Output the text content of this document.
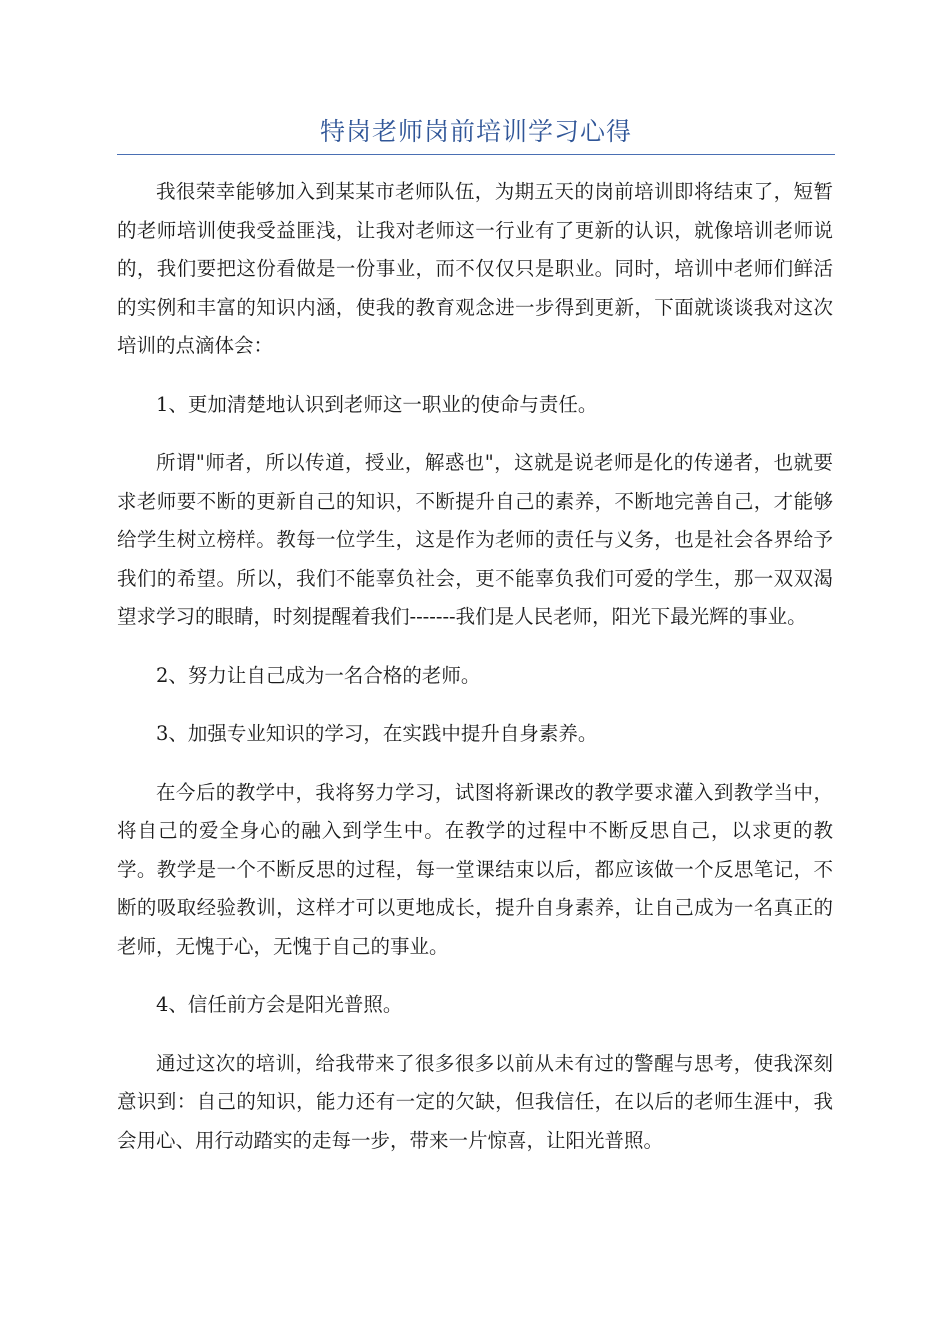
特岗老师岗前培训学习心得

我很荣幸能够加入到某某市老师队伍，为期五天的岗前培训即将结束了，短暂的老师培训使我受益匪浅，让我对老师这一行业有了更新的认识，就像培训老师说的，我们要把这份看做是一份事业，而不仅仅只是职业。同时，培训中老师们鲜活的实例和丰富的知识内涵，使我的教育观念进一步得到更新，下面就谈谈我对这次培训的点滴体会：

1、更加清楚地认识到老师这一职业的使命与责任。

所谓"师者，所以传道，授业，解惑也"，这就是说老师是化的传递者，也就要求老师要不断的更新自己的知识，不断提升自己的素养，不断地完善自己，才能够给学生树立榜样。教每一位学生，这是作为老师的责任与义务，也是社会各界给予我们的希望。所以，我们不能辜负社会，更不能辜负我们可爱的学生，那一双双渴望求学习的眼睛，时刻提醒着我们-------我们是人民老师，阳光下最光辉的事业。

2、努力让自己成为一名合格的老师。

3、加强专业知识的学习，在实践中提升自身素养。

在今后的教学中，我将努力学习，试图将新课改的教学要求灌入到教学当中，将自己的爱全身心的融入到学生中。在教学的过程中不断反思自己，以求更的教学。教学是一个不断反思的过程，每一堂课结束以后，都应该做一个反思笔记，不断的吸取经验教训，这样才可以更地成长，提升自身素养，让自己成为一名真正的老师，无愧于心，无愧于自己的事业。

4、信任前方会是阳光普照。

通过这次的培训，给我带来了很多很多以前从未有过的警醒与思考，使我深刻意识到：自己的知识，能力还有一定的欠缺，但我信任，在以后的老师生涯中，我会用心、用行动踏实的走每一步，带来一片惊喜，让阳光普照。
